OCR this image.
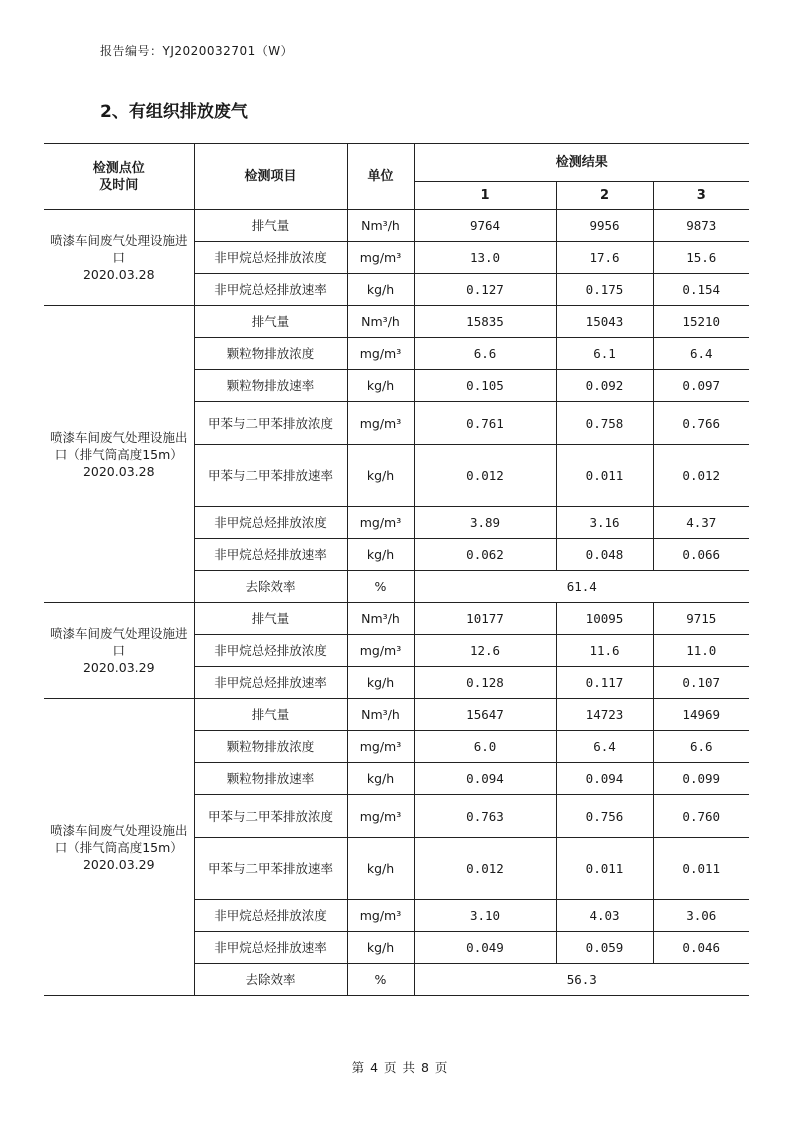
报告编号：YJ2020032701（W）
2、有组织排放废气
检测点位
及时间	检测项目	单位	检测结果		
			1	2	3
喷漆车间废气处理设施进口
2020.03.28	排气量	Nm³/h	9764	9956	9873
	非甲烷总烃排放浓度	mg/m³	13.0	17.6	15.6
	非甲烷总烃排放速率	kg/h	0.127	0.175	0.154
喷漆车间废气处理设施出口（排气筒高度15m）
2020.03.28	排气量	Nm³/h	15835	15043	15210
	颗粒物排放浓度	mg/m³	6.6	6.1	6.4
	颗粒物排放速率	kg/h	0.105	0.092	0.097
	甲苯与二甲苯排放浓度	mg/m³	0.761	0.758	0.766
	甲苯与二甲苯排放速率	kg/h	0.012	0.011	0.012
	非甲烷总烃排放浓度	mg/m³	3.89	3.16	4.37
	非甲烷总烃排放速率	kg/h	0.062	0.048	0.066
	去除效率	%	61.4		
喷漆车间废气处理设施进口
2020.03.29	排气量	Nm³/h	10177	10095	9715
	非甲烷总烃排放浓度	mg/m³	12.6	11.6	11.0
	非甲烷总烃排放速率	kg/h	0.128	0.117	0.107
喷漆车间废气处理设施出口（排气筒高度15m）
2020.03.29	排气量	Nm³/h	15647	14723	14969
	颗粒物排放浓度	mg/m³	6.0	6.4	6.6
	颗粒物排放速率	kg/h	0.094	0.094	0.099
	甲苯与二甲苯排放浓度	mg/m³	0.763	0.756	0.760
	甲苯与二甲苯排放速率	kg/h	0.012	0.011	0.011
	非甲烷总烃排放浓度	mg/m³	3.10	4.03	3.06
	非甲烷总烃排放速率	kg/h	0.049	0.059	0.046
	去除效率	%	56.3		
第 4 页 共 8 页
